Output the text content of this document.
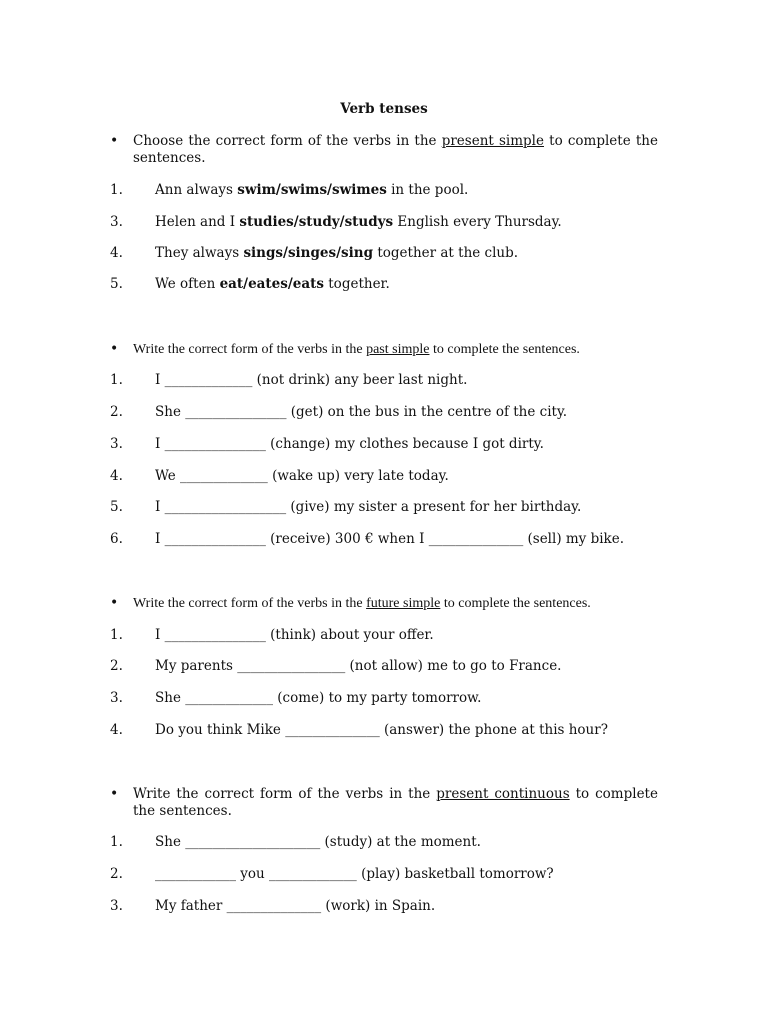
Verb tenses
• Choose the correct form of the verbs in the present simple to complete the sentences.
1. Ann always swim/swims/swimes in the pool.
3. Helen and I studies/study/studys English every Thursday.
4. They always sings/singes/sing together at the club.
5. We often eat/eates/eats together.
• Write the correct form of the verbs in the past simple to complete the sentences.
1. I _____________ (not drink) any beer last night.
2. She _______________ (get) on the bus in the centre of the city.
3. I _______________ (change) my clothes because I got dirty.
4. We _____________ (wake up) very late today.
5. I __________________ (give) my sister a present for her birthday.
6. I _______________ (receive) 300 € when I ______________ (sell) my bike.
• Write the correct form of the verbs in the future simple to complete the sentences.
1. I _______________ (think) about your offer.
2. My parents ________________ (not allow) me to go to France.
3. She _____________ (come) to my party tomorrow.
4. Do you think Mike ______________ (answer) the phone at this hour?
• Write the correct form of the verbs in the present continuous to complete the sentences.
1. She ____________________ (study) at the moment.
2. ____________ you _____________ (play) basketball tomorrow?
3. My father ______________ (work) in Spain.
